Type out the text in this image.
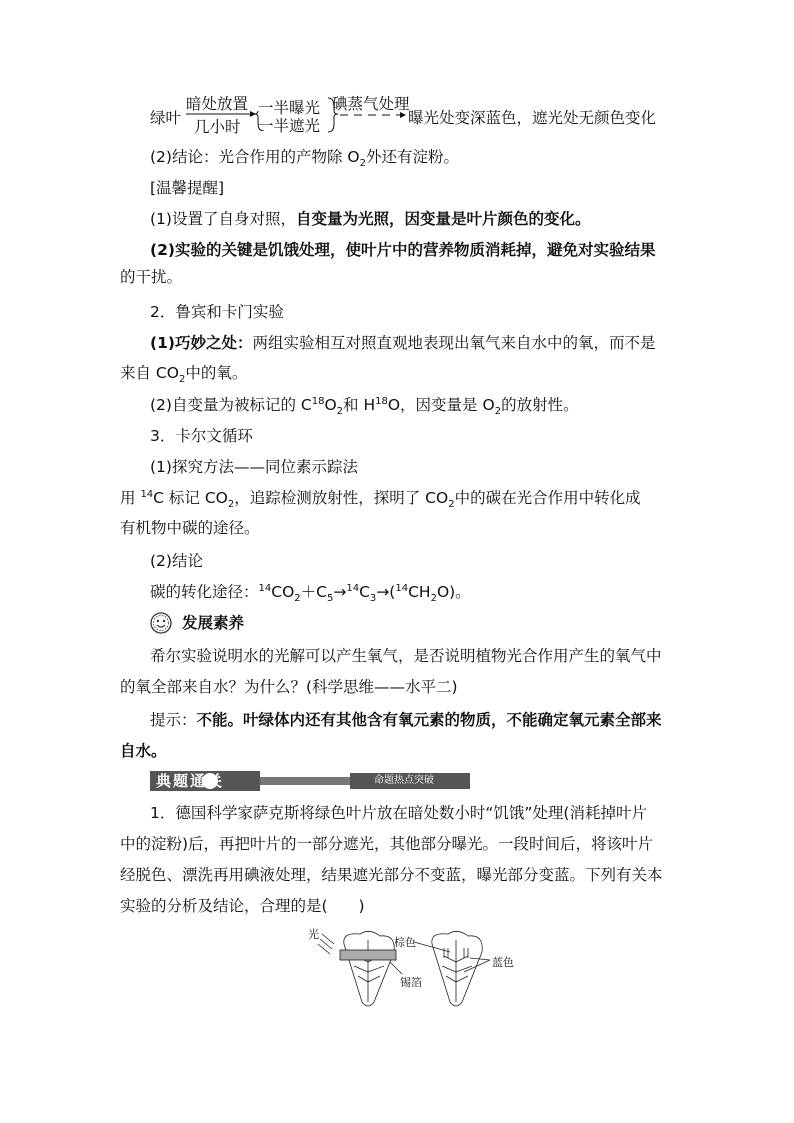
绿叶
暗处放置
几小时
一半曝光
一半遮光
碘蒸气处理
曝光处变深蓝色，遮光处无颜色变化
(2)结论：光合作用的产物除 $O_2$外还有淀粉。
[温馨提醒]
(1)设置了自身对照，自变量为光照，因变量是叶片颜色的变化。
(2)实验的关键是饥饿处理，使叶片中的营养物质消耗掉，避免对实验结果
的干扰。
2．鲁宾和卡门实验
(1)巧妙之处：两组实验相互对照直观地表现出氧气来自水中的氧，而不是
来自 $CO_2$中的氧。
(2)自变量为被标记的 $C^{18}O_2$和 $H^{18}O$，因变量是 $O_2$的放射性。
3．卡尔文循环
(1)探究方法——同位素示踪法
用 $^{14}$C 标记 $CO_2$，追踪检测放射性，探明了 $CO_2$中的碳在光合作用中转化成
有机物中碳的途径。
(2)结论
碳的转化途径：$^{14}CO_2+C_5\to^{14}C_3\to(^{14}CH_2O)$。
发展素养
希尔实验说明水的光解可以产生氧气，是否说明植物光合作用产生的氧气中
的氧全部来自水？为什么？(科学思维——水平二)
提示：不能。叶绿体内还有其他含有氧元素的物质，不能确定氧元素全部来
自水。
典题通关	命题热点突破
1．德国科学家萨克斯将绿色叶片放在暗处数小时“饥饿”处理(消耗掉叶片
中的淀粉)后，再把叶片的一部分遮光，其他部分曝光。一段时间后，将该叶片
经脱色、漂洗再用碘液处理，结果遮光部分不变蓝，曝光部分变蓝。下列有关本
实验的分析及结论，合理的是(　　)
光
棕色
锡箔
蓝色
